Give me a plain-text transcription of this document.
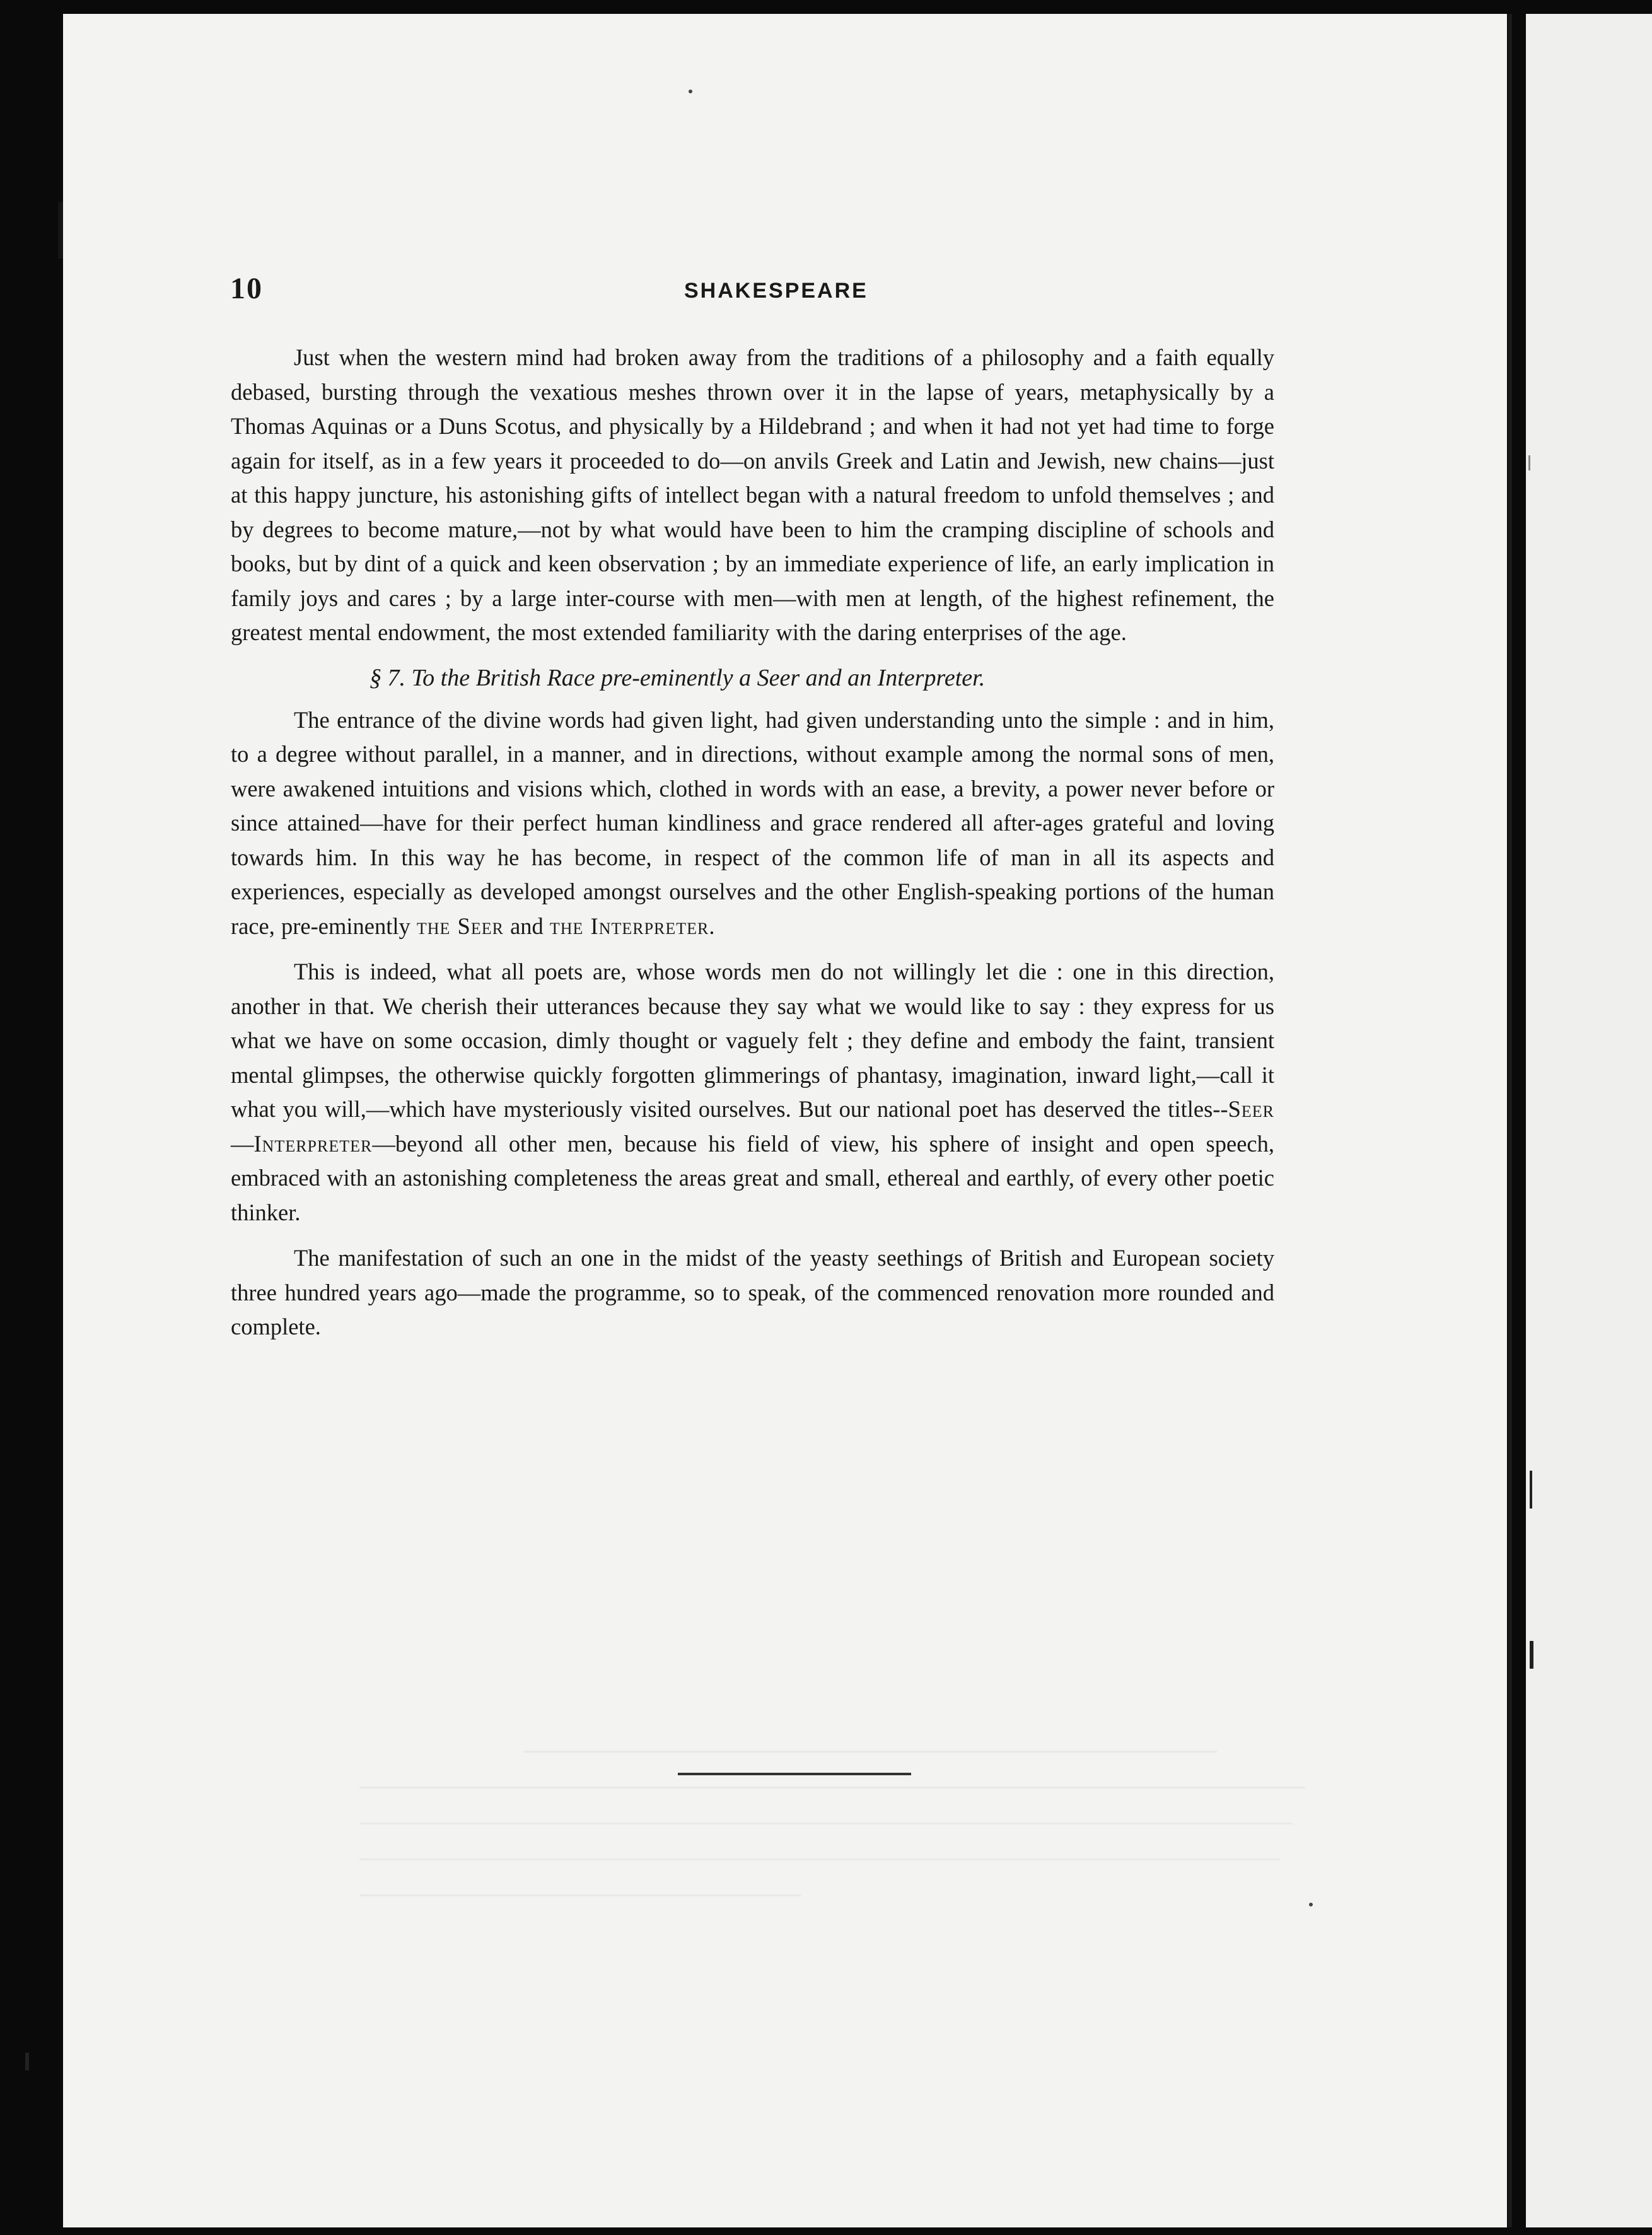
10	SHAKESPEARE

Just when the western mind had broken away from the traditions of a philosophy and a faith equally debased, bursting through the vexatious meshes thrown over it in the lapse of years, metaphysically by a Thomas Aquinas or a Duns Scotus, and physically by a Hildebrand ; and when it had not yet had time to forge again for itself, as in a few years it proceeded to do—on anvils Greek and Latin and Jewish, new chains—just at this happy juncture, his astonishing gifts of intellect began with a natural freedom to unfold themselves ; and by degrees to become mature,—not by what would have been to him the cramping discipline of schools and books, but by dint of a quick and keen observation ; by an immediate experience of life, an early implication in family joys and cares ; by a large inter-course with men—with men at length, of the highest refinement, the greatest mental endowment, the most extended familiarity with the daring enterprises of the age.

§ 7. To the British Race pre-eminently a Seer and an Interpreter.

The entrance of the divine words had given light, had given understanding unto the simple : and in him, to a degree without parallel, in a manner, and in directions, without example among the normal sons of men, were awakened intuitions and visions which, clothed in words with an ease, a brevity, a power never before or since attained—have for their perfect human kindliness and grace rendered all after-ages grateful and loving towards him. In this way he has become, in respect of the common life of man in all its aspects and experiences, especially as developed amongst ourselves and the other English-speaking portions of the human race, pre-eminently the Seer and the Interpreter.

This is indeed, what all poets are, whose words men do not willingly let die : one in this direction, another in that. We cherish their utterances because they say what we would like to say : they express for us what we have on some occasion, dimly thought or vaguely felt ; they define and embody the faint, transient mental glimpses, the otherwise quickly forgotten glimmerings of phantasy, imagination, inward light,—call it what you will,—which have mysteriously visited ourselves. But our national poet has deserved the titles--Seer—Interpreter—beyond all other men, because his field of view, his sphere of insight and open speech, embraced with an astonishing completeness the areas great and small, ethereal and earthly, of every other poetic thinker.

The manifestation of such an one in the midst of the yeasty seethings of British and European society three hundred years ago—made the programme, so to speak, of the commenced renovation more rounded and complete.
